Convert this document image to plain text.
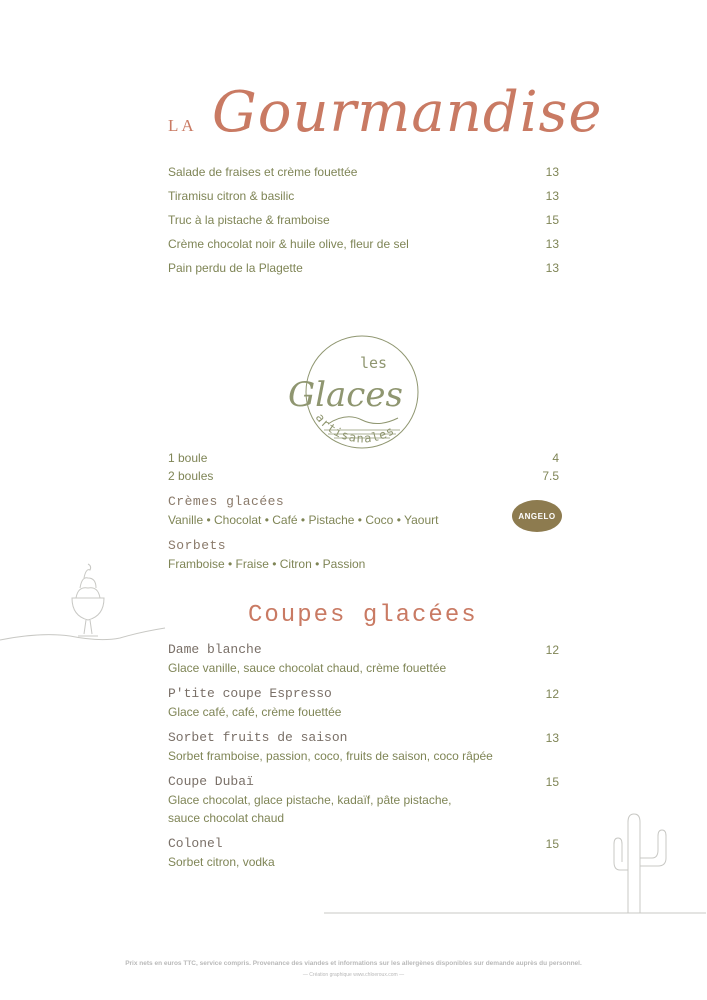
LA Gourmandise
Salade de fraises et crème fouettée	13
Tiramisu citron & basilic	13
Truc à la pistache & framboise	15
Crème chocolat noir & huile olive, fleur de sel	13
Pain perdu de la Plagette	13
les
Glaces
artisanales
1 boule	4
2 boules	7.5
Crèmes glacées
Vanille • Chocolat • Café • Pistache • Coco • Yaourt	ANGELO
Sorbets
Framboise • Fraise • Citron • Passion
Coupes glacées
Dame blanche	12
Glace vanille, sauce chocolat chaud, crème fouettée
P'tite coupe Espresso	12
Glace café, café, crème fouettée
Sorbet fruits de saison	13
Sorbet framboise, passion, coco, fruits de saison, coco râpée
Coupe Dubaï	15
Glace chocolat, glace pistache, kadaïf, pâte pistache,
sauce chocolat chaud
Colonel	15
Sorbet citron, vodka
Prix nets en euros TTC, service compris. Provenance des viandes et informations sur les allergènes disponibles sur demande auprès du personnel.
— Création graphique www.chloeroux.com —
